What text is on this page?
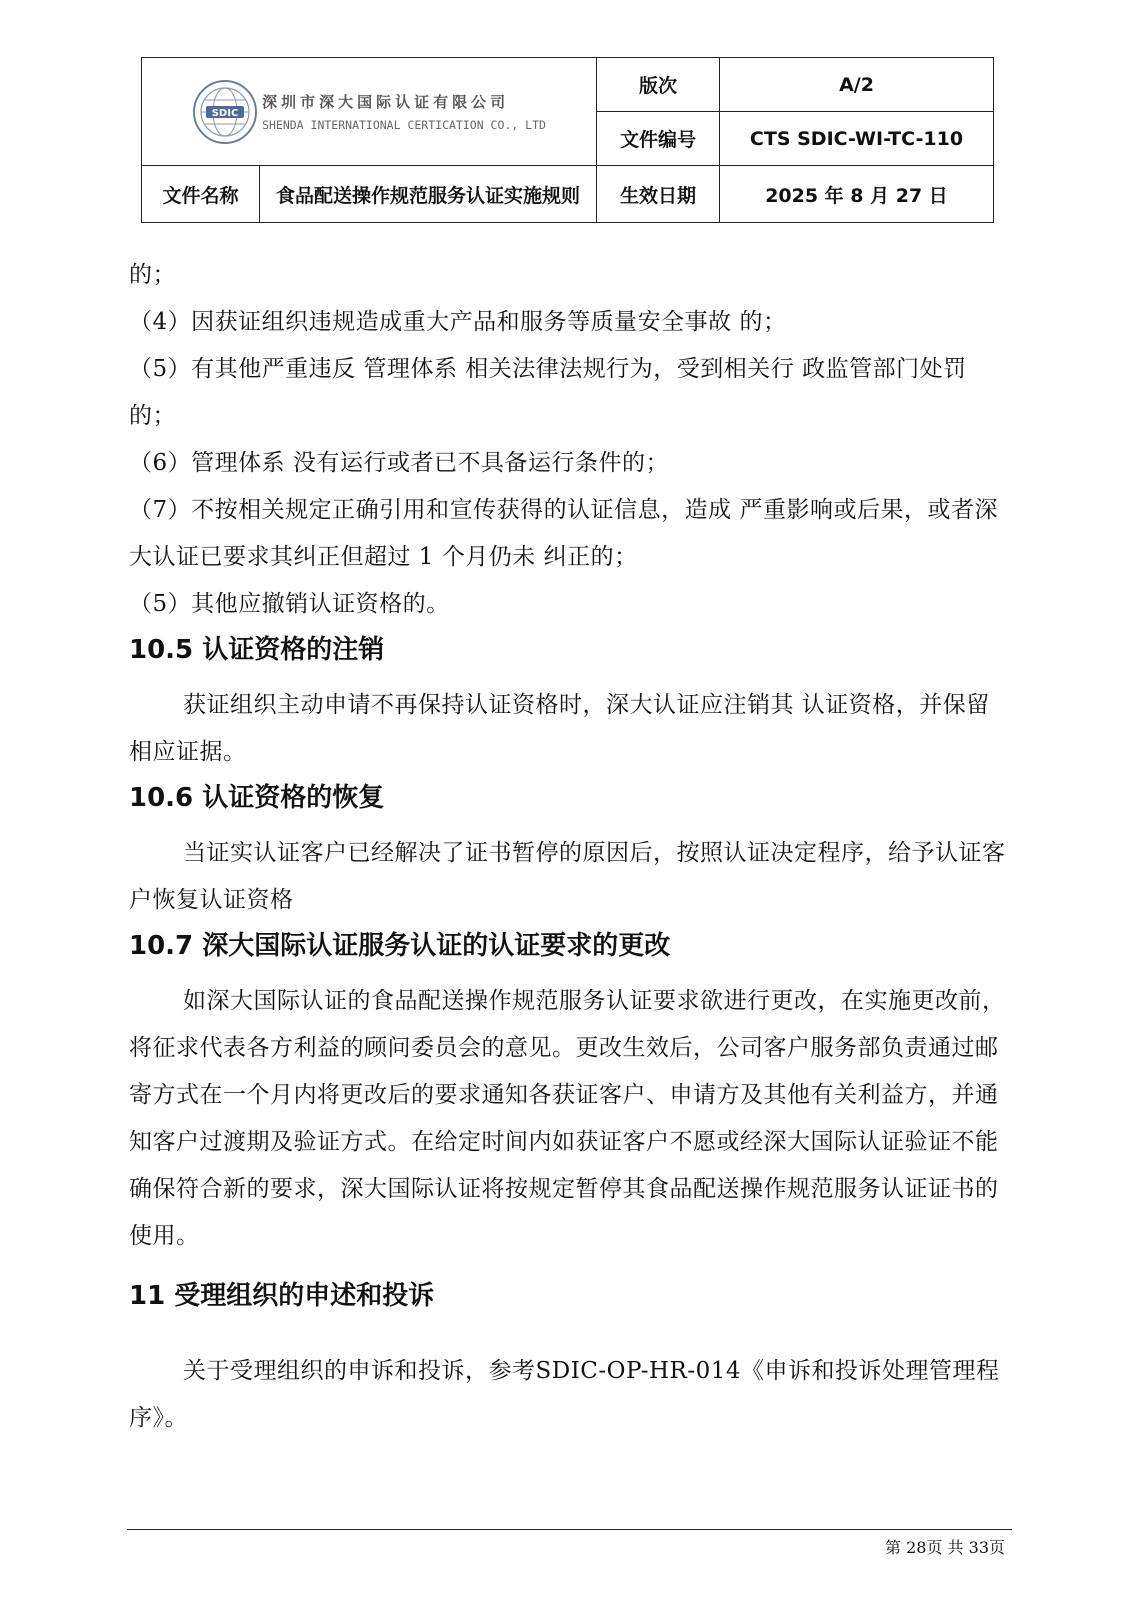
SDIC
深圳市深大国际认证有限公司
SHENDA INTERNATIONAL CERTICATION CO., LTD		版次	A/2
		文件编号	CTS SDIC-WI-TC-110
文件名称	食品配送操作规范服务认证实施规则	生效日期	2025 年 8 月 27 日

的；

（4）因获证组织违规造成重大产品和服务等质量安全事故 的；

（5）有其他严重违反 管理体系 相关法律法规行为，受到相关行 政监管部门处罚的；

（6）管理体系 没有运行或者已不具备运行条件的；

（7）不按相关规定正确引用和宣传获得的认证信息，造成 严重影响或后果，或者深大认证已要求其纠正但超过 1 个月仍未 纠正的；

（5）其他应撤销认证资格的。

10.5 认证资格的注销

获证组织主动申请不再保持认证资格时，深大认证应注销其 认证资格，并保留相应证据。

10.6 认证资格的恢复

当证实认证客户已经解决了证书暂停的原因后，按照认证决定程序，给予认证客户恢复认证资格

10.7 深大国际认证服务认证的认证要求的更改

如深大国际认证的食品配送操作规范服务认证要求欲进行更改，在实施更改前，将征求代表各方利益的顾问委员会的意见。更改生效后，公司客户服务部负责通过邮寄方式在一个月内将更改后的要求通知各获证客户、申请方及其他有关利益方，并通知客户过渡期及验证方式。在给定时间内如获证客户不愿或经深大国际认证验证不能确保符合新的要求，深大国际认证将按规定暂停其食品配送操作规范服务认证证书的使用。

11 受理组织的申述和投诉

关于受理组织的申诉和投诉，参考SDIC-OP-HR-014《申诉和投诉处理管理程序》。

第 28页 共 33页
